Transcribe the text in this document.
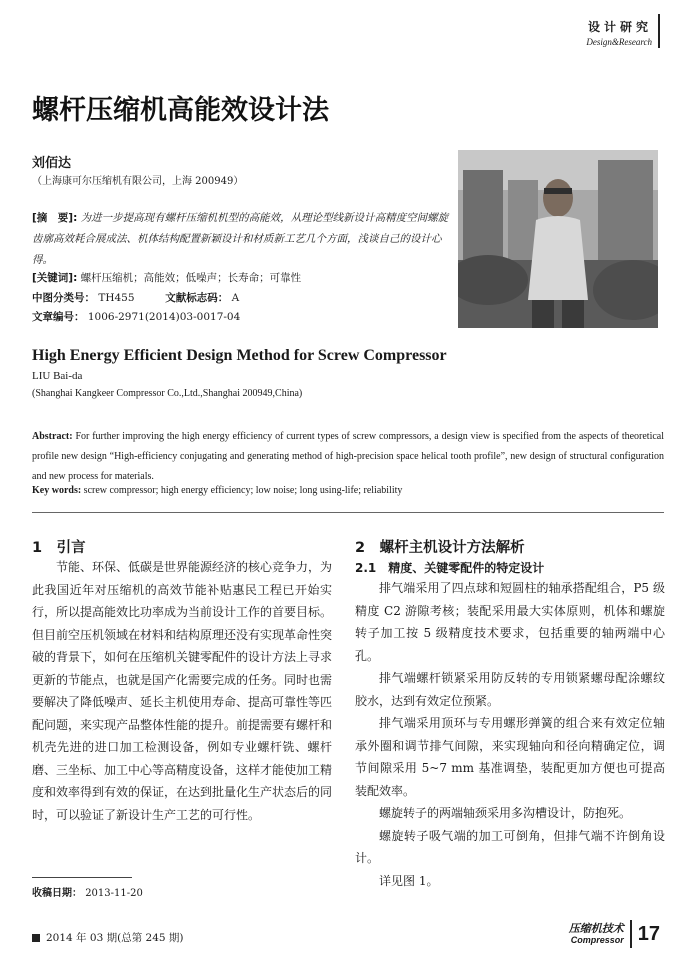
设计研究
Design&Research
螺杆压缩机高能效设计法
刘佰达
（上海康可尔压缩机有限公司，上海 200949）
[摘　要]: 为进一步提高现有螺杆压缩机机型的高能效，从理论型线新设计高精度空间螺旋齿廓高效耗合展成法、机体结构配置新颖设计和材质新工艺几个方面，浅谈自己的设计心得。
[关键词]: 螺杆压缩机；高能效；低噪声；长寿命；可靠性
中图分类号： TH455	文献标志码： A
文章编号： 1006-2971(2014)03-0017-04
High Energy Efficient Design Method for Screw Compressor
LIU Bai-da
(Shanghai Kangkeer Compressor Co.,Ltd.,Shanghai 200949,China)
Abstract: For further improving the high energy efficiency of current types of screw compressors, a design view is specified from the aspects of theoretical profile new design “High-efficiency conjugating and generating method of high-precision space helical tooth profile”, new design of structural configuration and new process for materials.
Key words: screw compressor; high energy efficiency; low noise; long using-life; reliability
1　引言

节能、环保、低碳是世界能源经济的核心竞争力，为此我国近年对压缩机的高效节能补贴惠民工程已开始实行，所以提高能效比功率成为当前设计工作的首要目标。但目前空压机领域在材料和结构原理还没有实现革命性突破的背景下，如何在压缩机关键零配件的设计方法上寻求更新的节能点，也就是国产化需要完成的任务。同时也需要解决了降低噪声、延长主机使用寿命、提高可靠性等匹配问题，来实现产品整体性能的提升。前提需要有螺杆和机壳先进的进口加工检测设备，例如专业螺杆铣、螺杆磨、三坐标、加工中心等高精度设备，这样才能使加工精度和效率得到有效的保证，在达到批量化生产状态后的同时，可以验证了新设计生产工艺的可行性。

2　螺杆主机设计方法解析
2.1　精度、关键零配件的特定设计

排气端采用了四点球和短圆柱的轴承搭配组合，P5 级精度 C2 游隙考核；装配采用最大实体原则，机体和螺旋转子加工按 5 级精度技术要求，包括重要的轴两端中心孔。

排气端螺杆锁紧采用防反转的专用锁紧螺母配涂螺纹胶水，达到有效定位预紧。

排气端采用顶环与专用螺形弹簧的组合来有效定位轴承外圈和调节排气间隙，来实现轴向和径向精确定位，调节间隙采用 5~7 mm 基准调垫，装配更加方便也可提高装配效率。

螺旋转子的两端轴颈采用多沟槽设计，防抱死。

螺旋转子吸气端的加工可倒角，但排气端不许倒角设计。

详见图 1。

收稿日期： 2013-11-20
2014 年 03 期(总第 245 期)
压缩机技术
Compressor 17
